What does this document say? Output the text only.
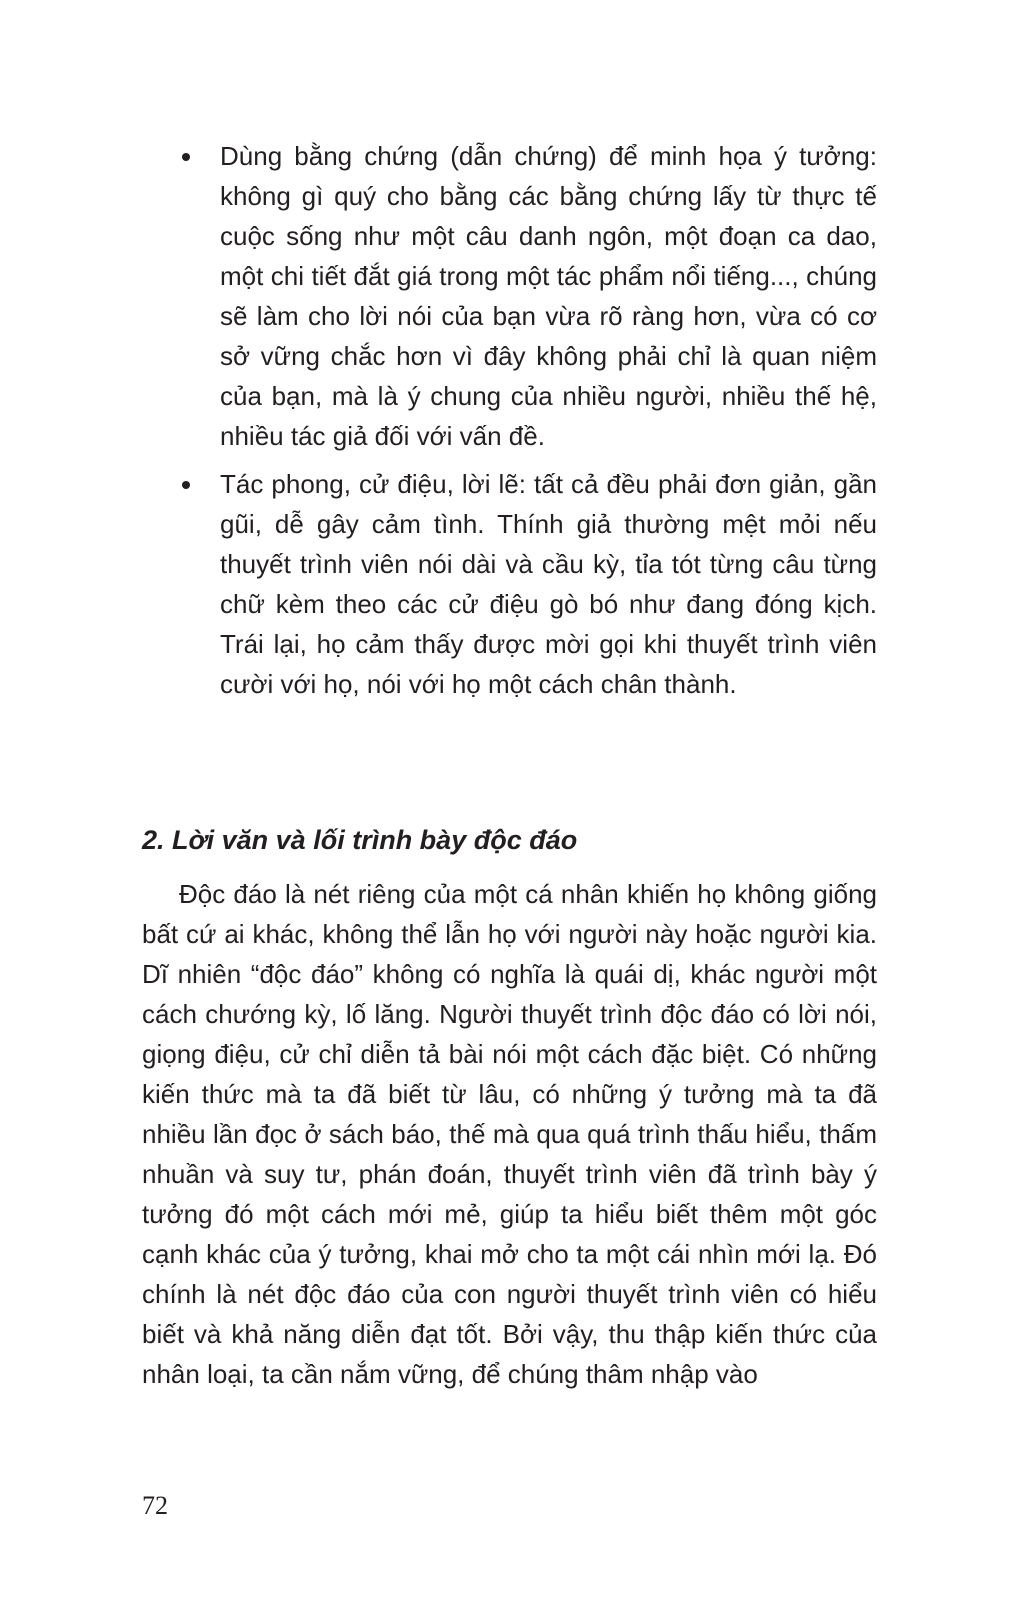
Dùng bằng chứng (dẫn chứng) để minh họa ý tưởng: không gì quý cho bằng các bằng chứng lấy từ thực tế cuộc sống như một câu danh ngôn, một đoạn ca dao, một chi tiết đắt giá trong một tác phẩm nổi tiếng..., chúng sẽ làm cho lời nói của bạn vừa rõ ràng hơn, vừa có cơ sở vững chắc hơn vì đây không phải chỉ là quan niệm của bạn, mà là ý chung của nhiều người, nhiều thế hệ, nhiều tác giả đối với vấn đề.
Tác phong, cử điệu, lời lẽ: tất cả đều phải đơn giản, gần gũi, dễ gây cảm tình. Thính giả thường mệt mỏi nếu thuyết trình viên nói dài và cầu kỳ, tỉa tót từng câu từng chữ kèm theo các cử điệu gò bó như đang đóng kịch. Trái lại, họ cảm thấy được mời gọi khi thuyết trình viên cười với họ, nói với họ một cách chân thành.
2. Lời văn và lối trình bày độc đáo

Độc đáo là nét riêng của một cá nhân khiến họ không giống bất cứ ai khác, không thể lẫn họ với người này hoặc người kia. Dĩ nhiên “độc đáo” không có nghĩa là quái dị, khác người một cách chướng kỳ, lố lăng. Người thuyết trình độc đáo có lời nói, giọng điệu, cử chỉ diễn tả bài nói một cách đặc biệt. Có những kiến thức mà ta đã biết từ lâu, có những ý tưởng mà ta đã nhiều lần đọc ở sách báo, thế mà qua quá trình thấu hiểu, thấm nhuần và suy tư, phán đoán, thuyết trình viên đã trình bày ý tưởng đó một cách mới mẻ, giúp ta hiểu biết thêm một góc cạnh khác của ý tưởng, khai mở cho ta một cái nhìn mới lạ. Đó chính là nét độc đáo của con người thuyết trình viên có hiểu biết và khả năng diễn đạt tốt. Bởi vậy, thu thập kiến thức của nhân loại, ta cần nắm vững, để chúng thâm nhập vào

72
